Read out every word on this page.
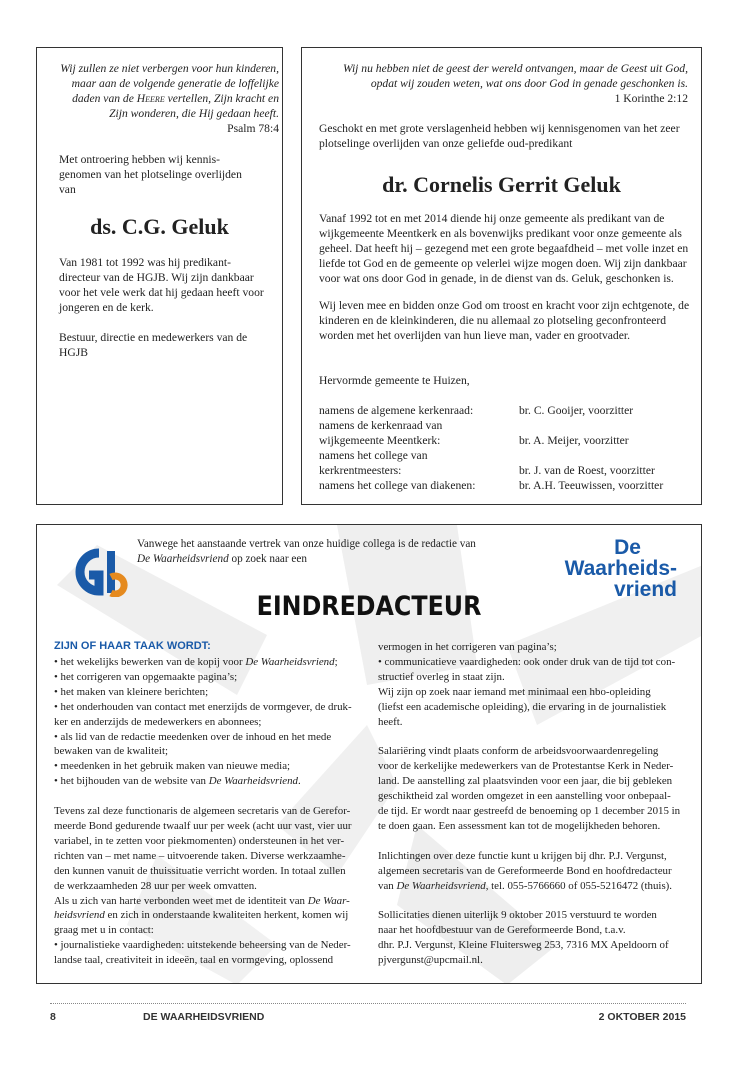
Wij zullen ze niet verbergen voor hun kinderen,

maar aan de volgende generatie de loffelijke

daden van de Heere vertellen, Zijn kracht en

Zijn wonderen, die Hij gedaan heeft.

Psalm 78:4

Met ontroering hebben wij kennis- genomen van het plotselinge overlijden van

ds. C.G. Geluk

Van 1981 tot 1992 was hij predikant- directeur van de HGJB. Wij zijn dankbaar voor het vele werk dat hij gedaan heeft voor jongeren en de kerk.

Bestuur, directie en medewerkers van de HGJB

Wij nu hebben niet de geest der wereld ontvangen, maar de Geest uit God,

opdat wij zouden weten, wat ons door God in genade geschonken is.

1 Korinthe 2:12

Geschokt en met grote verslagenheid hebben wij kennisgenomen van het zeer plotselinge overlijden van onze geliefde oud-predikant

dr. Cornelis Gerrit Geluk

Vanaf 1992 tot en met 2014 diende hij onze gemeente als predikant van de wijkgemeente Meentkerk en als bovenwijks predikant voor onze gemeente als geheel. Dat heeft hij – gezegend met een grote begaafdheid – met volle inzet en liefde tot God en de gemeente op velerlei wijze mogen doen. Wij zijn dankbaar voor wat ons door God in genade, in de dienst van ds. Geluk, geschonken is.

Wij leven mee en bidden onze God om troost en kracht voor zijn echtgenote, de kinderen en de kleinkinderen, die nu allemaal zo plotseling geconfronteerd worden met het overlijden van hun lieve man, vader en grootvader.

Hervormde gemeente te Huizen,

namens de algemene kerkenraad:	br. C. Gooijer, voorzitter
namens de kerkenraad van
wijkgemeente Meentkerk:	br. A. Meijer, voorzitter
namens het college van
kerkrentmeesters:	br. J. van de Roest, voorzitter
namens het college van diakenen:	br. A.H. Teeuwissen, voorzitter

Vanwege het aanstaande vertrek van onze huidige collega is de redactie van

De Waarheidsvriend op zoek naar een	De

Waarheids-

vriend

EINDREDACTEUR

ZIJN OF HAAR TAAK WORDT:

• het wekelijks bewerken van de kopij voor De Waarheidsvriend;

• het corrigeren van opgemaakte pagina’s;

• het maken van kleinere berichten;

• het onderhouden van contact met enerzijds de vormgever, de druk-

ker en anderzijds de medewerkers en abonnees;

• als lid van de redactie meedenken over de inhoud en het mede

bewaken van de kwaliteit;

• meedenken in het gebruik maken van nieuwe media;

• het bijhouden van de website van De Waarheidsvriend.

Tevens zal deze functionaris de algemeen secretaris van de Gerefor-

meerde Bond gedurende twaalf uur per week (acht uur vast, vier uur

variabel, in te zetten voor piekmomenten) ondersteunen in het ver-

richten van – met name – uitvoerende taken. Diverse werkzaamhe-

den kunnen vanuit de thuissituatie verricht worden. In totaal zullen

de werkzaamheden 28 uur per week omvatten.

Als u zich van harte verbonden weet met de identiteit van De Waar-

heidsvriend en zich in onderstaande kwaliteiten herkent, komen wij

graag met u in contact:

• journalistieke vaardigheden: uitstekende beheersing van de Neder-

landse taal, creativiteit in ideeën, taal en vormgeving, oplossend

vermogen in het corrigeren van pagina’s;

• communicatieve vaardigheden: ook onder druk van de tijd tot con-

structief overleg in staat zijn.

Wij zijn op zoek naar iemand met minimaal een hbo-opleiding

(liefst een academische opleiding), die ervaring in de journalistiek

heeft.

Salariëring vindt plaats conform de arbeidsvoorwaardenregeling

voor de kerkelijke medewerkers van de Protestantse Kerk in Neder-

land. De aanstelling zal plaatsvinden voor een jaar, die bij gebleken

geschiktheid zal worden omgezet in een aanstelling voor onbepaal-

de tijd. Er wordt naar gestreefd de benoeming op 1 december 2015 in

te doen gaan. Een assessment kan tot de mogelijkheden behoren.

Inlichtingen over deze functie kunt u krijgen bij dhr. P.J. Vergunst,

algemeen secretaris van de Gereformeerde Bond en hoofdredacteur

van De Waarheidsvriend, tel. 055-5766660 of 055-5216472 (thuis).

Sollicitaties dienen uiterlijk 9 oktober 2015 verstuurd te worden

naar het hoofdbestuur van de Gereformeerde Bond, t.a.v.

dhr. P.J. Vergunst, Kleine Fluitersweg 253, 7316 MX Apeldoorn of

pjvergunst@upcmail.nl.

8	DE WAARHEIDSVRIEND	2 OKTOBER 2015
